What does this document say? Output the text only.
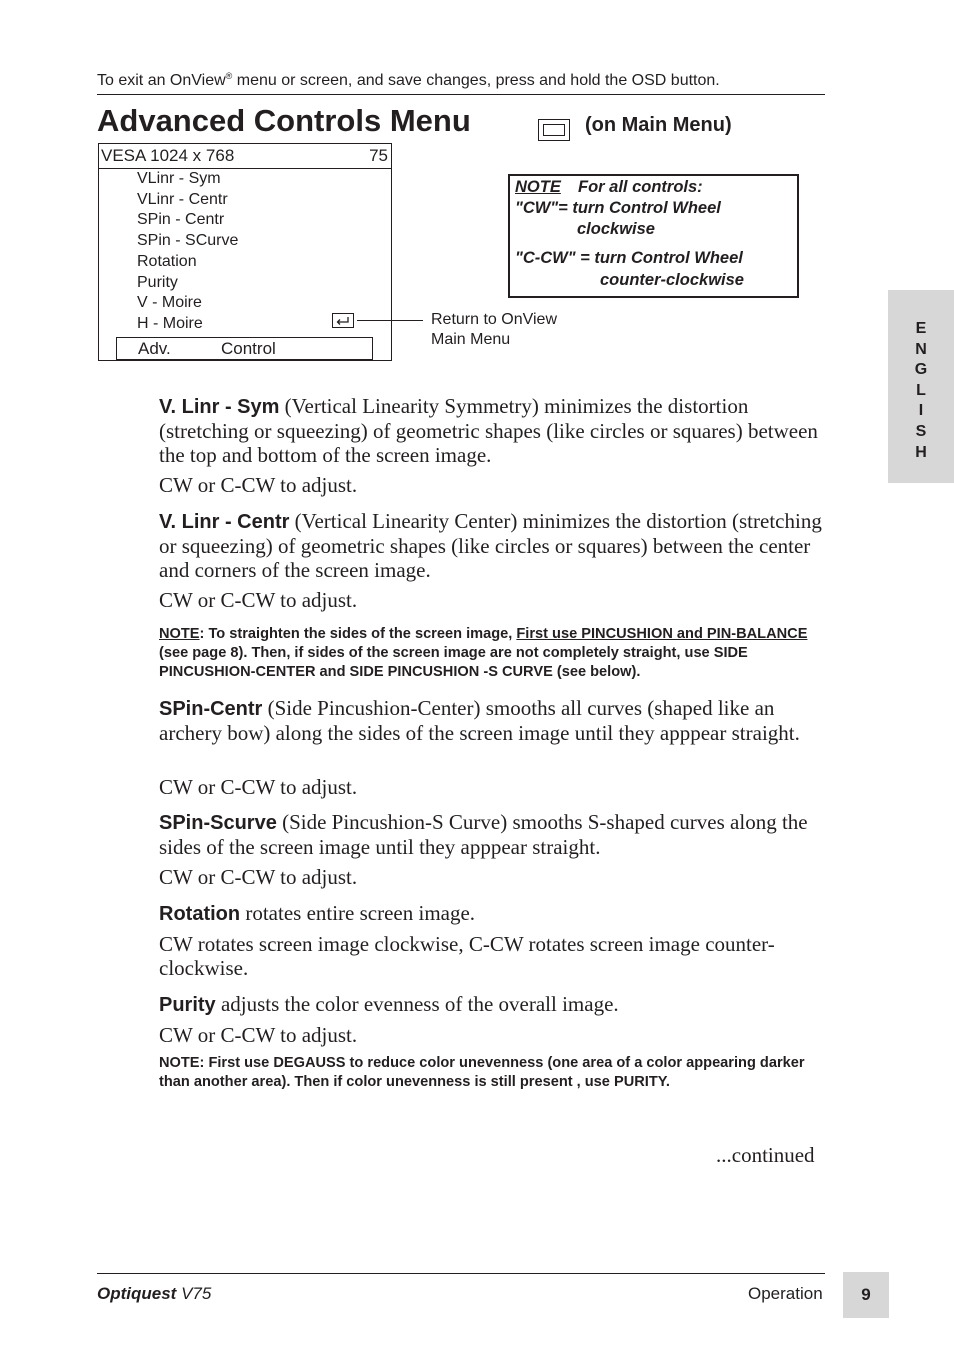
To exit an OnView® menu or screen, and save changes, press and hold the OSD button.
Advanced Controls Menu	(on Main Menu)
VESA 1024 x 768	75
VLinr - Sym
VLinr - Centr
SPin - Centr
SPin - SCurve
Rotation
Purity
V - Moire
H - Moire
Adv.	Control
Return to OnView
Main Menu
NOTE For all controls:
"CW"= turn Control Wheel
clockwise
"C-CW" = turn Control Wheel
counter-clockwise
E
N
G
L
I
S
H
V. Linr - Sym (Vertical Linearity Symmetry) minimizes the distortion (stretching or squeezing) of geometric shapes (like circles or squares) between the top and bottom of the screen image.
CW or C-CW to adjust.
V. Linr - Centr (Vertical Linearity Center) minimizes the distortion (stretching or squeezing) of geometric shapes (like circles or squares) between the center and corners of the screen image.
CW or C-CW to adjust.
NOTE: To straighten the sides of the screen image, First use PINCUSHION and PIN-BALANCE (see page 8). Then, if sides of the screen image are not completely straight, use SIDE PINCUSHION-CENTER and SIDE PINCUSHION -S CURVE (see below).
SPin-Centr (Side Pincushion-Center) smooths all curves (shaped like an archery bow) along the sides of the screen image until they apppear straight.
CW or C-CW to adjust.
SPin-Scurve (Side Pincushion-S Curve) smooths S-shaped curves along the sides of the screen image until they apppear straight.
CW or C-CW to adjust.
Rotation rotates entire screen image.
CW rotates screen image clockwise, C-CW rotates screen image counter-clockwise.
Purity adjusts the color evenness of the overall image.
CW or C-CW to adjust.
NOTE: First use DEGAUSS to reduce color unevenness (one area of a color appearing darker than another area). Then if color unevenness is still present , use PURITY.
...continued
Optiquest V75	Operation	9
